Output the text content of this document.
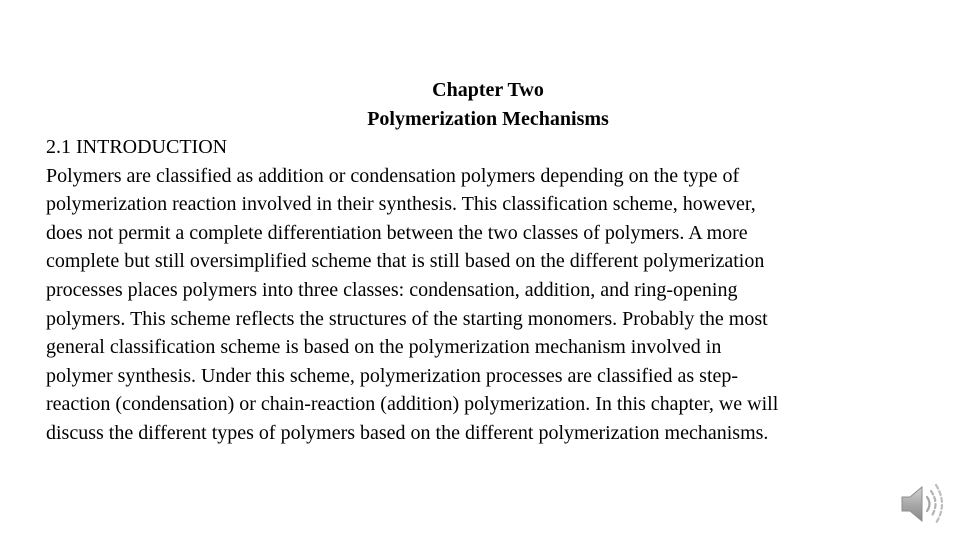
Chapter Two
Polymerization Mechanisms
2.1 INTRODUCTION
Polymers are classified as addition or condensation polymers depending on the type of
polymerization reaction involved in their synthesis. This classification scheme, however,
does not permit a complete differentiation between the two classes of polymers. A more
complete but still oversimplified scheme that is still based on the different polymerization
processes places polymers into three classes: condensation, addition, and ring-opening
polymers. This scheme reflects the structures of the starting monomers. Probably the most
general classification scheme is based on the polymerization mechanism involved in
polymer synthesis. Under this scheme, polymerization processes are classified as step-
reaction (condensation) or chain-reaction (addition) polymerization. In this chapter, we will
discuss the different types of polymers based on the different polymerization mechanisms.
